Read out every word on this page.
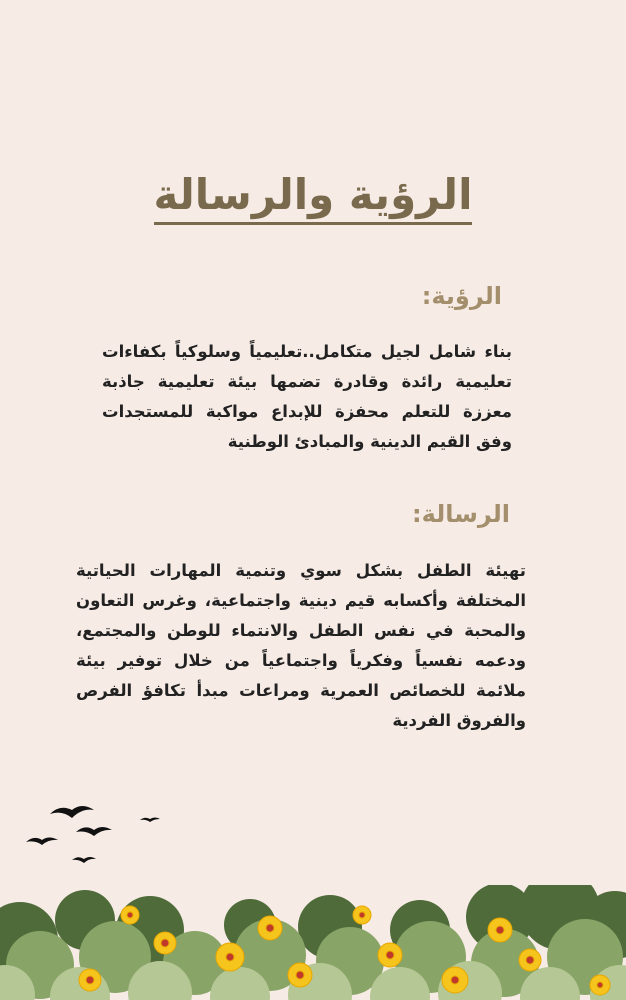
الرؤية والرسالة
الرؤية:
بناء شامل لجيل متكامل..تعليمياً وسلوكياً بكفاءات تعليمية رائدة وقادرة تضمها بيئة تعليمية جاذبة معززة للتعلم محفزة للإبداع مواكبة للمستجدات وفق القيم الدينية والمبادئ الوطنية
الرسالة:
تهيئة الطفل بشكل سوي وتنمية المهارات الحياتية المختلفة وأكسابه قيم دينية واجتماعية، وغرس التعاون والمحبة في نفس الطفل والانتماء للوطن والمجتمع، ودعمه نفسياً وفكرياً واجتماعياً من خلال توفير بيئة ملائمة للخصائص العمرية ومراعات مبدأ تكافؤ الفرص والفروق الفردية
